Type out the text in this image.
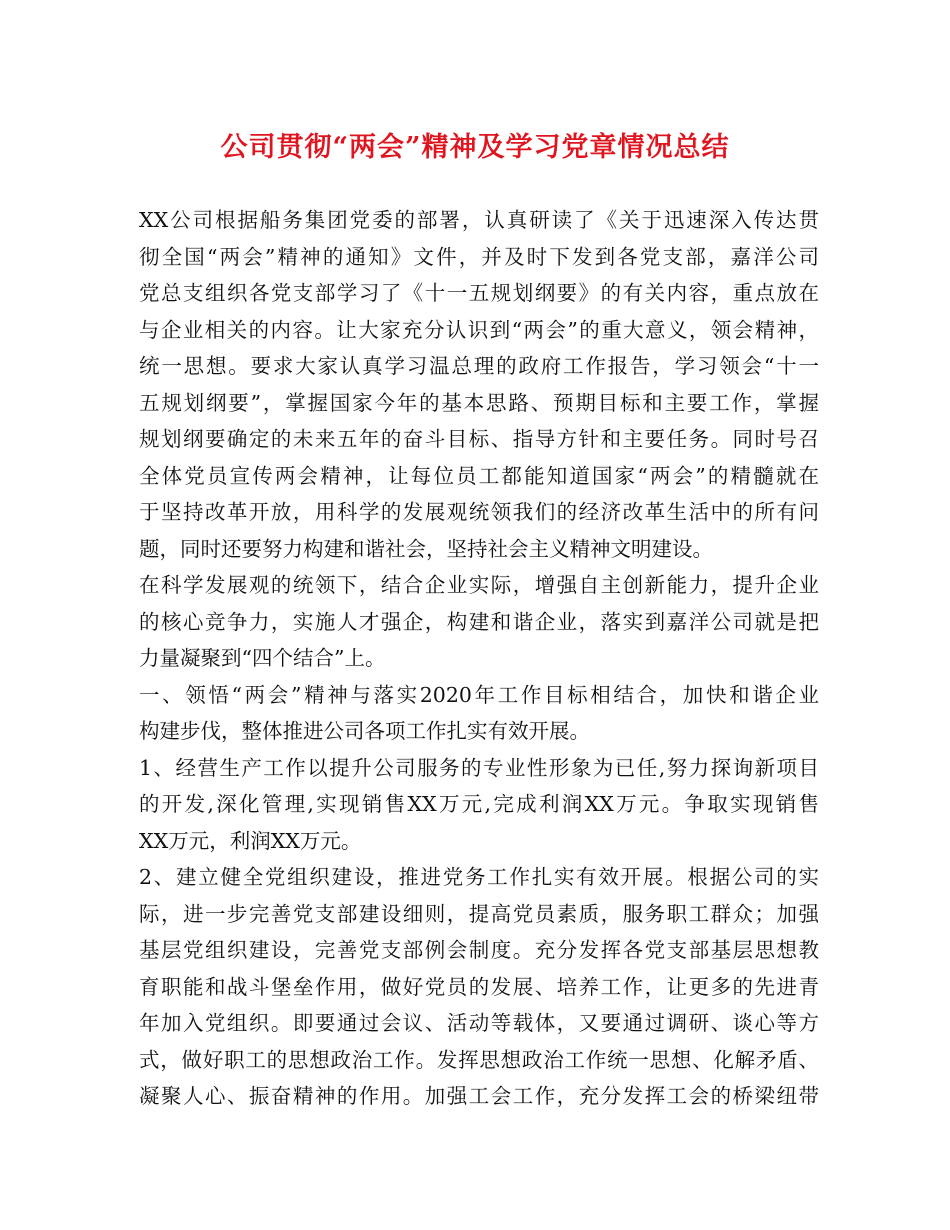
公司贯彻“两会”精神及学习党章情况总结
XX公司根据船务集团党委的部署，认真研读了《关于迅速深入传达贯
彻全国“两会”精神的通知》文件，并及时下发到各党支部，嘉洋公司
党总支组织各党支部学习了《十一五规划纲要》的有关内容，重点放在
与企业相关的内容。让大家充分认识到“两会”的重大意义，领会精神，
统一思想。要求大家认真学习温总理的政府工作报告，学习领会“十一
五规划纲要”，掌握国家今年的基本思路、预期目标和主要工作，掌握
规划纲要确定的未来五年的奋斗目标、指导方针和主要任务。同时号召
全体党员宣传两会精神，让每位员工都能知道国家“两会”的精髓就在
于坚持改革开放，用科学的发展观统领我们的经济改革生活中的所有问
题，同时还要努力构建和谐社会，坚持社会主义精神文明建设。
在科学发展观的统领下，结合企业实际，增强自主创新能力，提升企业
的核心竞争力，实施人才强企，构建和谐企业，落实到嘉洋公司就是把
力量凝聚到“四个结合”上。
一、领悟“两会”精神与落实2020年工作目标相结合，加快和谐企业
构建步伐，整体推进公司各项工作扎实有效开展。
1、经营生产工作以提升公司服务的专业性形象为已任,努力探询新项目
的开发,深化管理,实现销售XX万元,完成利润XX万元。争取实现销售
XX万元，利润XX万元。
2、建立健全党组织建设，推进党务工作扎实有效开展。根据公司的实
际，进一步完善党支部建设细则，提高党员素质，服务职工群众；加强
基层党组织建设，完善党支部例会制度。充分发挥各党支部基层思想教
育职能和战斗堡垒作用，做好党员的发展、培养工作，让更多的先进青
年加入党组织。即要通过会议、活动等载体，又要通过调研、谈心等方
式，做好职工的思想政治工作。发挥思想政治工作统一思想、化解矛盾、
凝聚人心、振奋精神的作用。加强工会工作，充分发挥工会的桥梁纽带
